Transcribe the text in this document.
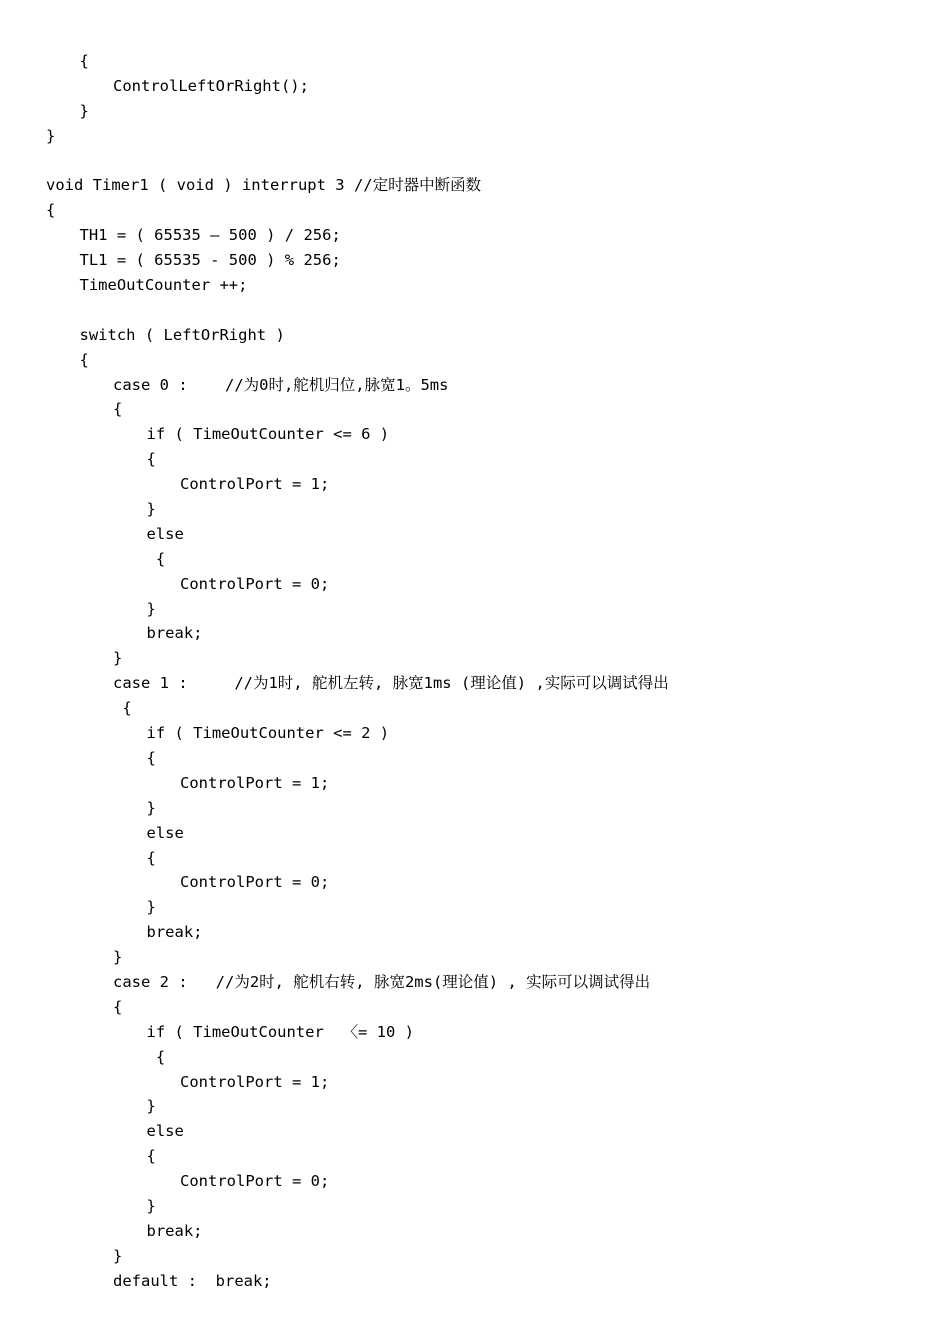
{
ControlLeftOrRight();
}
}
void Timer1 ( void ) interrupt 3 //定时器中断函数
{
TH1 = ( 65535 — 500 ) / 256;
TL1 = ( 65535 - 500 ) % 256;
TimeOutCounter ++;
switch ( LeftOrRight )
{
case 0 :    //为0时,舵机归位,脉宽1。5ms
{
if ( TimeOutCounter <= 6 )
{
ControlPort = 1;
}
else
{
ControlPort = 0;
}
break;
}
case 1 :     //为1时, 舵机左转, 脉宽1ms (理论值) ,实际可以调试得出
{
if ( TimeOutCounter <= 2 )
{
ControlPort = 1;
}
else
{
ControlPort = 0;
}
break;
}
case 2 :   //为2时, 舵机右转, 脉宽2ms(理论值) , 实际可以调试得出
{
if ( TimeOutCounter  〈= 10 )
{
ControlPort = 1;
}
else
{
ControlPort = 0;
}
break;
}
default :  break;
